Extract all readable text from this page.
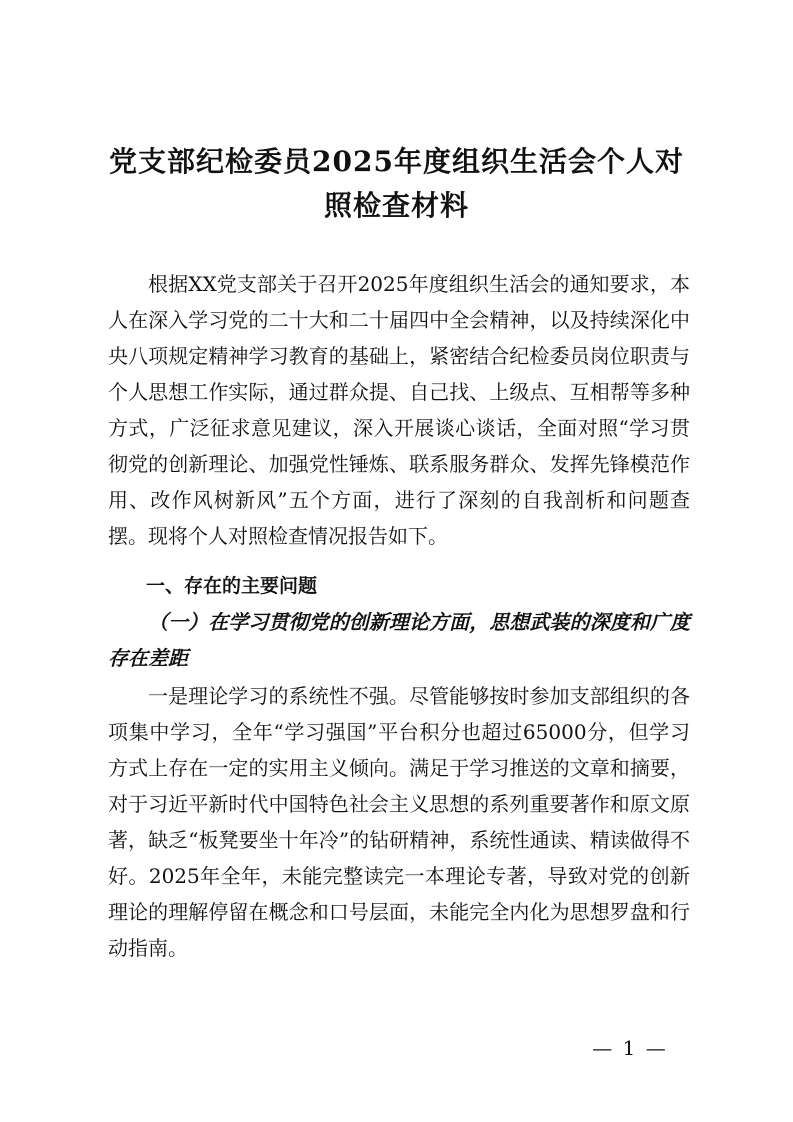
党支部纪检委员2025年度组织生活会个人对
照检查材料

根据XX党支部关于召开2025年度组织生活会的通知要求，本人在深入学习党的二十大和二十届四中全会精神，以及持续深化中央八项规定精神学习教育的基础上，紧密结合纪检委员岗位职责与个人思想工作实际，通过群众提、自己找、上级点、互相帮等多种方式，广泛征求意见建议，深入开展谈心谈话，全面对照“学习贯彻党的创新理论、加强党性锤炼、联系服务群众、发挥先锋模范作用、改作风树新风”五个方面，进行了深刻的自我剖析和问题查摆。现将个人对照检查情况报告如下。

一、存在的主要问题
（一）在学习贯彻党的创新理论方面，思想武装的深度和广度存在差距

一是理论学习的系统性不强。尽管能够按时参加支部组织的各项集中学习，全年“学习强国”平台积分也超过65000分，但学习方式上存在一定的实用主义倾向。满足于学习推送的文章和摘要，对于习近平新时代中国特色社会主义思想的系列重要著作和原文原著，缺乏“板凳要坐十年冷”的钻研精神，系统性通读、精读做得不好。2025年全年，未能完整读完一本理论专著，导致对党的创新理论的理解停留在概念和口号层面，未能完全内化为思想罗盘和行动指南。

— 1 —
